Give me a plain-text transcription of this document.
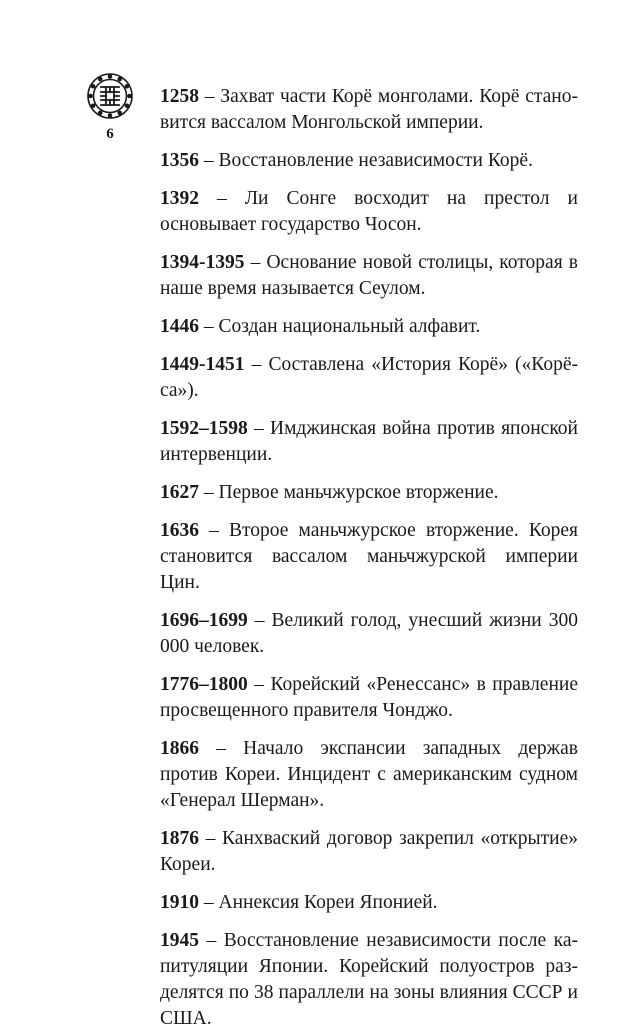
6
1258 – Захват части Корё монголами. Корё становится вассалом Монгольской империи.
1356 – Восстановление независимости Корё.
1392 – Ли Сонге восходит на престол и основывает государство Чосон.
1394-1395 – Основание новой столицы, которая в наше время называется Сеулом.
1446 – Создан национальный алфавит.
1449-1451 – Составлена «История Корё» («Корёса»).
1592–1598 – Имджинская война против японской интервенции.
1627 – Первое маньчжурское вторжение.
1636 – Второе маньчжурское вторжение. Корея становится вассалом маньчжурской империи Цин.
1696–1699 – Великий голод, унесший жизни 300 000 человек.
1776–1800 – Корейский «Ренессанс» в правление просвещенного правителя Чонджо.
1866 – Начало экспансии западных держав против Кореи. Инцидент с американским судном «Генерал Шерман».
1876 – Канхваский договор закрепил «открытие» Кореи.
1910 – Аннексия Кореи Японией.
1945 – Восстановление независимости после капитуляции Японии. Корейский полуостров разделятся по 38 параллели на зоны влияния СССР и США.
